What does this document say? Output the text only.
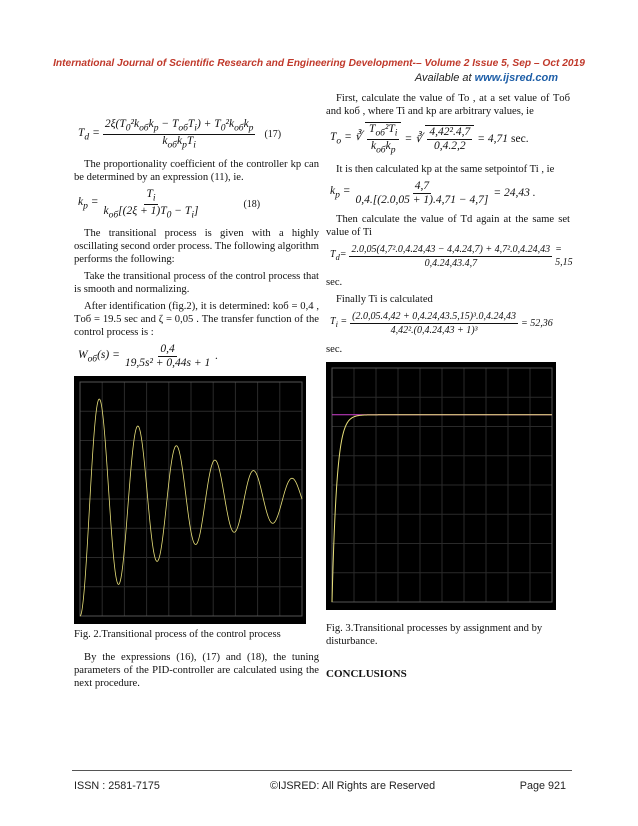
International Journal of Scientific Research and Engineering Development-– Volume 2 Issue 5, Sep – Oct 2019
Available at www.ijsred.com
$T_d = \frac{2\xi(T_0^2k_{об}k_p - T_{об}T_i) + T_0^2k_{об}k_p}{k_{об}k_pT_i} (17)$

The proportionality coefficient of the controller kp can be determined by an expression (11), ie.

$k_p = \frac{T_i}{k_{об}[(2\xi + 1)T_0 - T_i]}$	(18)

The transitional process is given with a highly oscillating second order process. The following algorithm performs the following:

Take the transitional process of the control process that is smooth and normalizing.

After identification (fig.2), it is determined: kоб = 0,4 , Tоб = 19.5 sec and ζ = 0,05 . The transfer function of the control process is :

$W_{об}(s) = \frac{0,4}{\text{19,5s² + 0,44s + 1}}$ .
Fig. 2.Transitional process of the control process

By the expressions (16), (17) and (18), the tuning parameters of the PID-controller are calculated using the next procedure.

First, calculate the value of To , at a set value of Tоб and kоб , where Ti and kp are arbitrary values, ie

$T_o$ = ∛ $\frac{T_{об}^2T_i}{k_{об}k_p}$ = ∛ $\frac{\text{4,42².4,7}}{0,4.2,2} = 4,71$ sec.

It is then calculated kp at the same setpointof Ti , ie

$k_p = \frac{4,7}{0,4.[(2.0,05 + 1).4,71 - 4,7]} = 24,43$ .

Then calculate the value of Td again at the same set value of Ti

$T_d= \frac{\text{2.0,05(4,7².0,4.24,43 − 4,4.24,7) + 4,7².0,4.24,43}}{0,4.24,43.4,7} = 5,15$

sec.

Finally Ti is calculated

$T_i = \frac{\text{(2.0,05.4,42 + 0,4.24,43.5,15)³.0,4.24,43}}{\text{4,42².(0,4.24,43 + 1)³}} = 52,36$

sec.

Fig. 3.Transitional processes by assignment and by disturbance.
CONCLUSIONS
ISSN : 2581-7175	©IJSRED: All Rights are Reserved	Page 921
